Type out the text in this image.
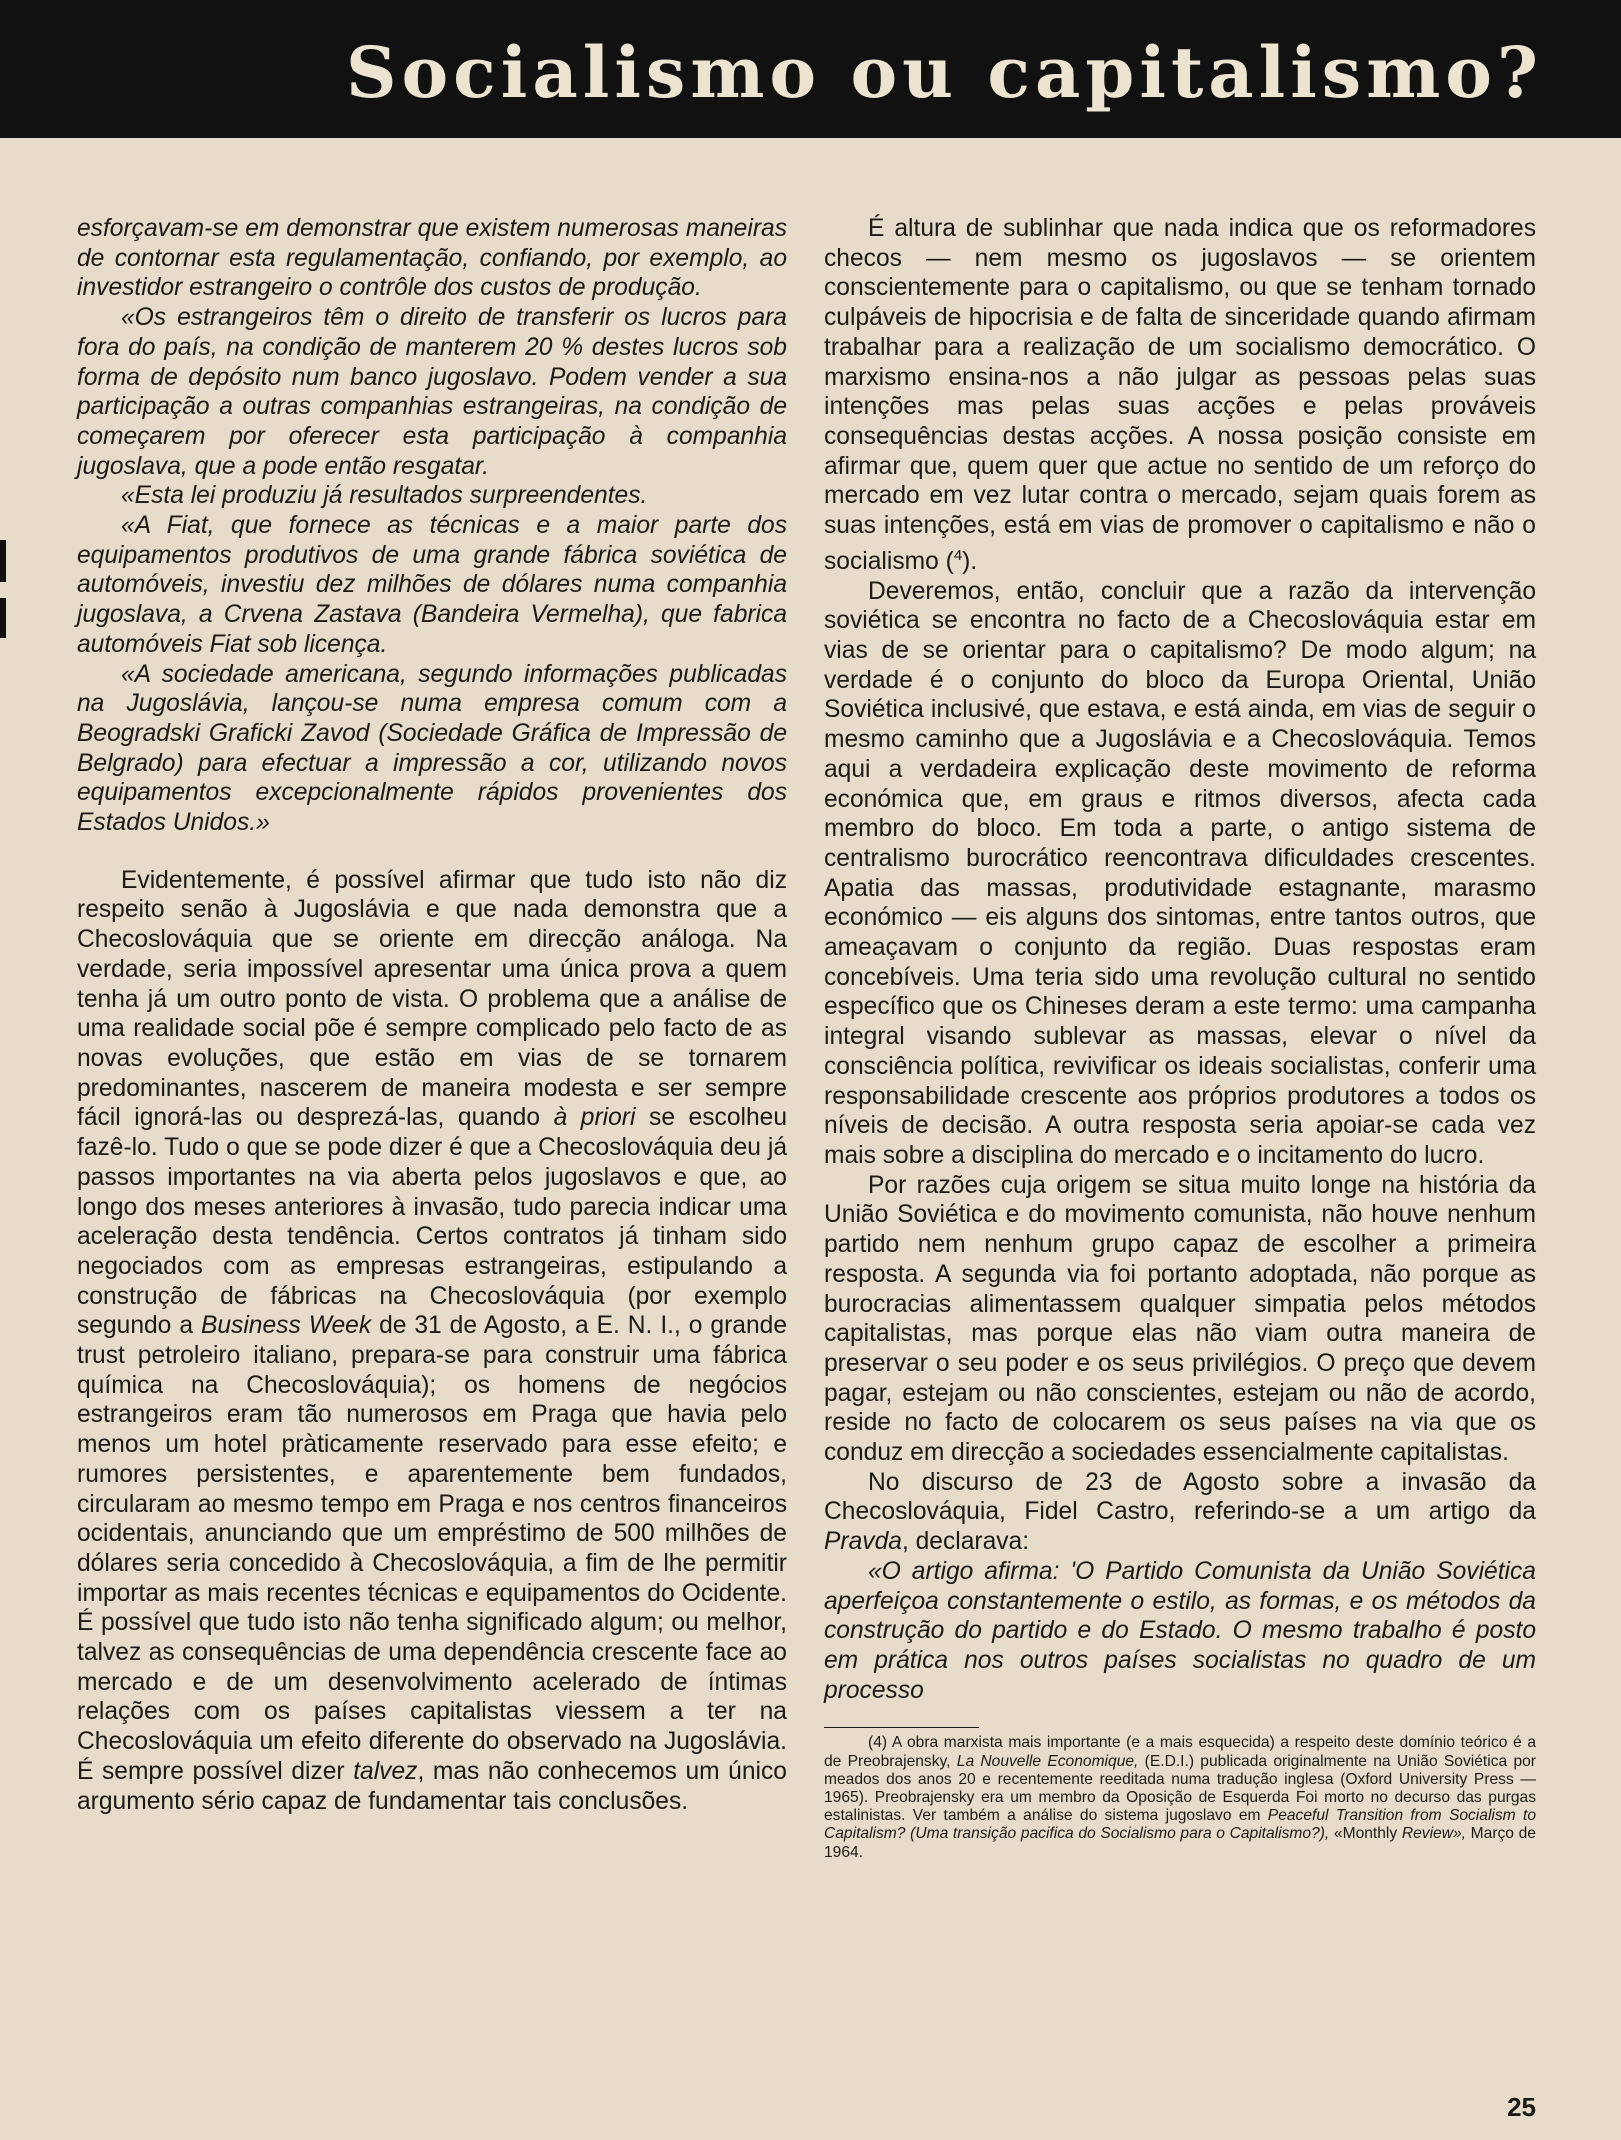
Socialismo ou capitalismo?

esforçavam-se em demonstrar que existem numerosas maneiras de contornar esta regulamentação, confiando, por exemplo, ao investidor estrangeiro o contrôle dos custos de produção.

«Os estrangeiros têm o direito de transferir os lucros para fora do país, na condição de manterem 20 % destes lucros sob forma de depósito num banco jugoslavo. Podem vender a sua participação a outras companhias estrangeiras, na condição de começarem por oferecer esta participação à companhia jugoslava, que a pode então resgatar.

«Esta lei produziu já resultados surpreendentes.

«A Fiat, que fornece as técnicas e a maior parte dos equipamentos produtivos de uma grande fábrica soviética de automóveis, investiu dez milhões de dólares numa companhia jugoslava, a Crvena Zastava (Bandeira Vermelha), que fabrica automóveis Fiat sob licença.

«A sociedade americana, segundo informações publicadas na Jugoslávia, lançou-se numa empresa comum com a Beogradski Graficki Zavod (Sociedade Gráfica de Impressão de Belgrado) para efectuar a impressão a cor, utilizando novos equipamentos excepcionalmente rápidos provenientes dos Estados Unidos.»

Evidentemente, é possível afirmar que tudo isto não diz respeito senão à Jugoslávia e que nada demonstra que a Checoslováquia que se oriente em direcção análoga. Na verdade, seria impossível apresentar uma única prova a quem tenha já um outro ponto de vista. O problema que a análise de uma realidade social põe é sempre complicado pelo facto de as novas evoluções, que estão em vias de se tornarem predominantes, nascerem de maneira modesta e ser sempre fácil ignorá-las ou desprezá-las, quando à priori se escolheu fazê-lo. Tudo o que se pode dizer é que a Checoslováquia deu já passos importantes na via aberta pelos jugoslavos e que, ao longo dos meses anteriores à invasão, tudo parecia indicar uma aceleração desta tendência. Certos contratos já tinham sido negociados com as empresas estrangeiras, estipulando a construção de fábricas na Checoslováquia (por exemplo segundo a Business Week de 31 de Agosto, a E. N. I., o grande trust petroleiro italiano, prepara-se para construir uma fábrica química na Checoslováquia); os homens de negócios estrangeiros eram tão numerosos em Praga que havia pelo menos um hotel pràticamente reservado para esse efeito; e rumores persistentes, e aparentemente bem fundados, circularam ao mesmo tempo em Praga e nos centros financeiros ocidentais, anunciando que um empréstimo de 500 milhões de dólares seria concedido à Checoslováquia, a fim de lhe permitir importar as mais recentes técnicas e equipamentos do Ocidente. É possível que tudo isto não tenha significado algum; ou melhor, talvez as consequências de uma dependência crescente face ao mercado e de um desenvolvimento acelerado de íntimas relações com os países capitalistas viessem a ter na Checoslováquia um efeito diferente do observado na Jugoslávia. É sempre possível dizer talvez, mas não conhecemos um único argumento sério capaz de fundamentar tais conclusões.

É altura de sublinhar que nada indica que os reformadores checos — nem mesmo os jugoslavos — se orientem conscientemente para o capitalismo, ou que se tenham tornado culpáveis de hipocrisia e de falta de sinceridade quando afirmam trabalhar para a realização de um socialismo democrático. O marxismo ensina-nos a não julgar as pessoas pelas suas intenções mas pelas suas acções e pelas prováveis consequências destas acções. A nossa posição consiste em afirmar que, quem quer que actue no sentido de um reforço do mercado em vez lutar contra o mercado, sejam quais forem as suas intenções, está em vias de promover o capitalismo e não o socialismo ($^4$).

Deveremos, então, concluir que a razão da intervenção soviética se encontra no facto de a Checoslováquia estar em vias de se orientar para o capitalismo? De modo algum; na verdade é o conjunto do bloco da Europa Oriental, União Soviética inclusivé, que estava, e está ainda, em vias de seguir o mesmo caminho que a Jugoslávia e a Checoslováquia. Temos aqui a verdadeira explicação deste movimento de reforma económica que, em graus e ritmos diversos, afecta cada membro do bloco. Em toda a parte, o antigo sistema de centralismo burocrático reencontrava dificuldades crescentes. Apatia das massas, produtividade estagnante, marasmo económico — eis alguns dos sintomas, entre tantos outros, que ameaçavam o conjunto da região. Duas respostas eram concebíveis. Uma teria sido uma revolução cultural no sentido específico que os Chineses deram a este termo: uma campanha integral visando sublevar as massas, elevar o nível da consciência política, revivificar os ideais socialistas, conferir uma responsabilidade crescente aos próprios produtores a todos os níveis de decisão. A outra resposta seria apoiar-se cada vez mais sobre a disciplina do mercado e o incitamento do lucro.

Por razões cuja origem se situa muito longe na história da União Soviética e do movimento comunista, não houve nenhum partido nem nenhum grupo capaz de escolher a primeira resposta. A segunda via foi portanto adoptada, não porque as burocracias alimentassem qualquer simpatia pelos métodos capitalistas, mas porque elas não viam outra maneira de preservar o seu poder e os seus privilégios. O preço que devem pagar, estejam ou não conscientes, estejam ou não de acordo, reside no facto de colocarem os seus países na via que os conduz em direcção a sociedades essencialmente capitalistas.

No discurso de 23 de Agosto sobre a invasão da Checoslováquia, Fidel Castro, referindo-se a um artigo da Pravda, declarava:

«O artigo afirma: 'O Partido Comunista da União Soviética aperfeiçoa constantemente o estilo, as formas, e os métodos da construção do partido e do Estado. O mesmo trabalho é posto em prática nos outros países socialistas no quadro de um processo

(4) A obra marxista mais importante (e a mais esquecida) a respeito deste domínio teórico é a de Preobrajensky, La Nouvelle Economique, (E.D.I.) publicada originalmente na União Soviética por meados dos anos 20 e recentemente reeditada numa tradução inglesa (Oxford University Press — 1965). Preobrajensky era um membro da Oposição de Esquerda Foi morto no decurso das purgas estalinistas. Ver também a análise do sistema jugoslavo em Peaceful Transition from Socialism to Capitalism? (Uma transição pacifica do Socialismo para o Capitalismo?), «Monthly Review», Março de 1964.

25
